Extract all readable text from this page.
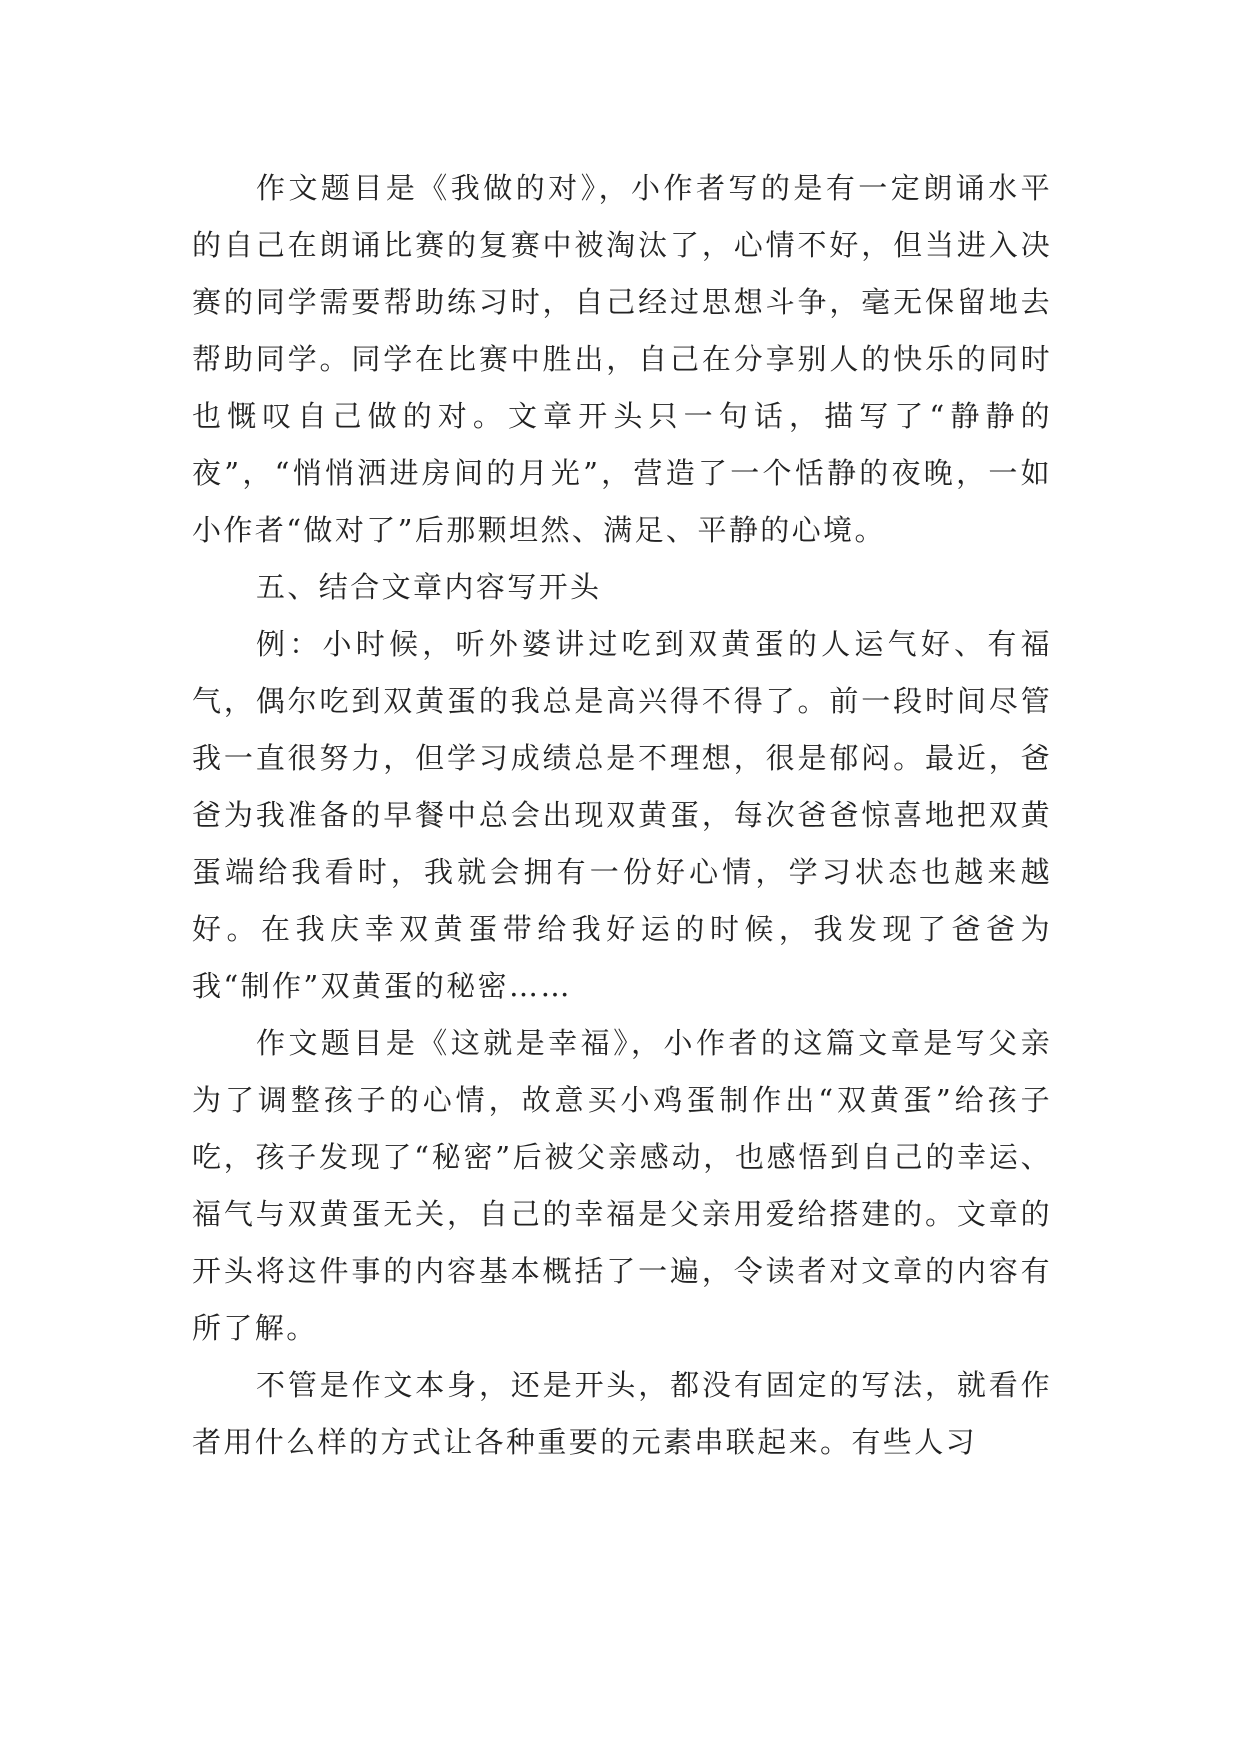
作文题目是《我做的对》，小作者写的是有一定朗诵水平的自己在朗诵比赛的复赛中被淘汰了，心情不好，但当进入决赛的同学需要帮助练习时，自己经过思想斗争，毫无保留地去帮助同学。同学在比赛中胜出，自己在分享别人的快乐的同时也慨叹自己做的对。文章开头只一句话，描写了“静静的夜”，“悄悄洒进房间的月光”，营造了一个恬静的夜晚，一如小作者“做对了”后那颗坦然、满足、平静的心境。

五、结合文章内容写开头

例：小时候，听外婆讲过吃到双黄蛋的人运气好、有福气，偶尔吃到双黄蛋的我总是高兴得不得了。前一段时间尽管我一直很努力，但学习成绩总是不理想，很是郁闷。最近，爸爸为我准备的早餐中总会出现双黄蛋，每次爸爸惊喜地把双黄蛋端给我看时，我就会拥有一份好心情，学习状态也越来越好。在我庆幸双黄蛋带给我好运的时候，我发现了爸爸为我“制作”双黄蛋的秘密……

作文题目是《这就是幸福》，小作者的这篇文章是写父亲为了调整孩子的心情，故意买小鸡蛋制作出“双黄蛋”给孩子吃，孩子发现了“秘密”后被父亲感动，也感悟到自己的幸运、福气与双黄蛋无关，自己的幸福是父亲用爱给搭建的。文章的开头将这件事的内容基本概括了一遍，令读者对文章的内容有所了解。

不管是作文本身，还是开头，都没有固定的写法，就看作者用什么样的方式让各种重要的元素串联起来。有些人习
